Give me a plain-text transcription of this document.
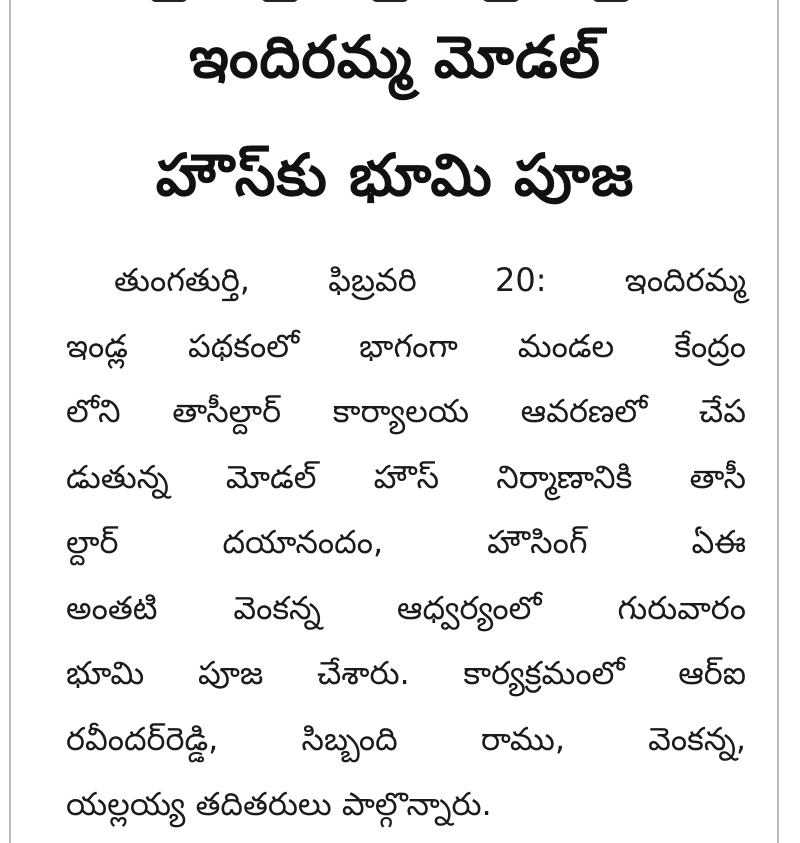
ఇందిరమ్మ మోడల్
హౌస్‌కు భూమి పూజ
తుంగతుర్తి, ఫిబ్రవరి 20: ఇందిరమ్మ
ఇండ్ల పథకంలో భాగంగా మండల కేంద్రం
లోని తాసీల్దార్ కార్యాలయ ఆవరణలో చేప
డుతున్న మోడల్ హౌస్ నిర్మాణానికి తాసీ
ల్దార్ దయానందం, హౌసింగ్ ఏఈ
అంతటి వెంకన్న ఆధ్వర్యంలో గురువారం
భూమి పూజ చేశారు. కార్యక్రమంలో ఆర్ఐ
రవీందర్‌రెడ్డి, సిబ్బంది రాము, వెంకన్న,
యల్లయ్య తదితరులు పాల్గొన్నారు.
